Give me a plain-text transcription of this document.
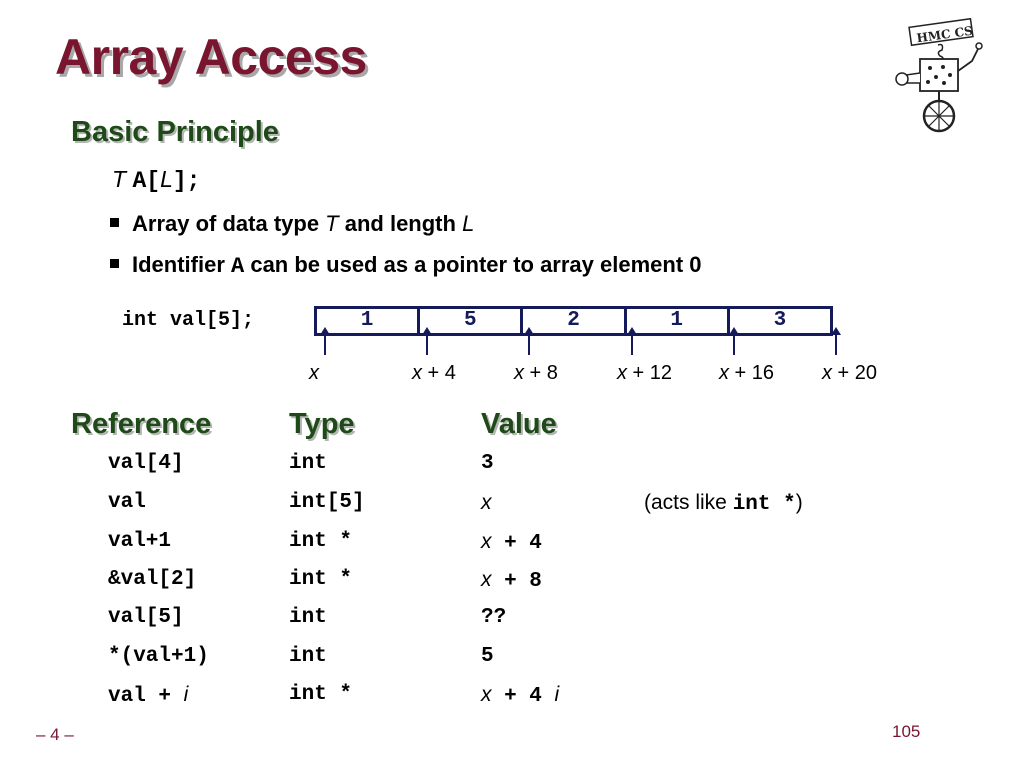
Array Access	HMC CS
Basic Principle
T A[L];
Array of data type T and length L
Identifier A can be used as a pointer to array element 0
int val[5];	1	5	2	1	3
x	x + 4	x + 8	x + 12 x + 16 x + 20
Reference	Type	Value
val[4]	int	3
val	int[5]	x	(acts like int *)
val+1	int *	x + 4
&val[2]	int *	x + 8
val[5]	int	??
*(val+1)	int	5
val + i	int *	x + 4 i
– 4 –	105
